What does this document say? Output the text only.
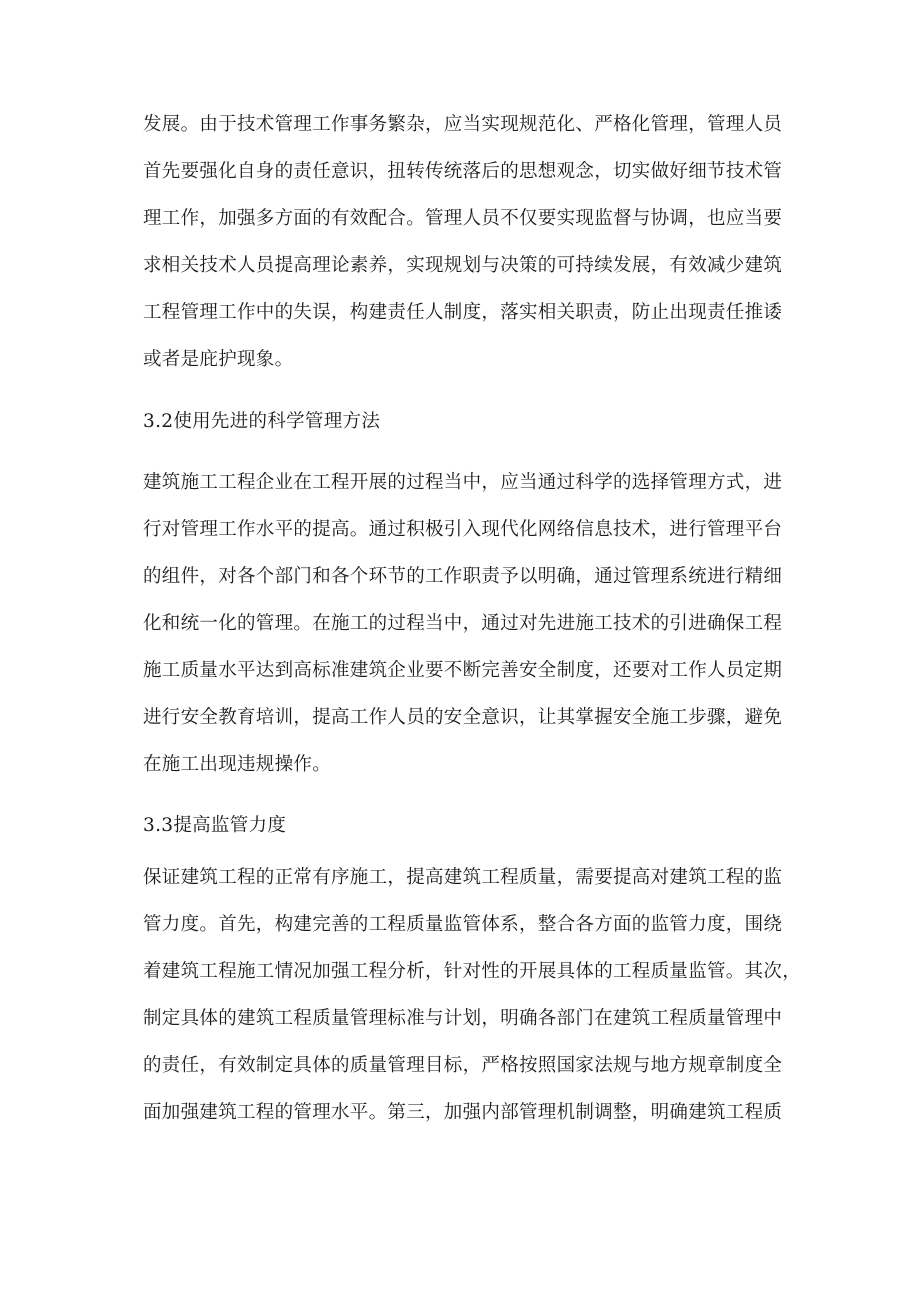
发展。由于技术管理工作事务繁杂，应当实现规范化、严格化管理，管理人员

首先要强化自身的责任意识，扭转传统落后的思想观念，切实做好细节技术管

理工作，加强多方面的有效配合。管理人员不仅要实现监督与协调，也应当要

求相关技术人员提高理论素养，实现规划与决策的可持续发展，有效减少建筑

工程管理工作中的失误，构建责任人制度，落实相关职责，防止出现责任推诿

或者是庇护现象。

3.2使用先进的科学管理方法

建筑施工工程企业在工程开展的过程当中，应当通过科学的选择管理方式，进

行对管理工作水平的提高。通过积极引入现代化网络信息技术，进行管理平台

的组件，对各个部门和各个环节的工作职责予以明确，通过管理系统进行精细

化和统一化的管理。在施工的过程当中，通过对先进施工技术的引进确保工程

施工质量水平达到高标准建筑企业要不断完善安全制度，还要对工作人员定期

进行安全教育培训，提高工作人员的安全意识，让其掌握安全施工步骤，避免

在施工出现违规操作。

3.3提高监管力度

保证建筑工程的正常有序施工，提高建筑工程质量，需要提高对建筑工程的监

管力度。首先，构建完善的工程质量监管体系，整合各方面的监管力度，围绕

着建筑工程施工情况加强工程分析，针对性的开展具体的工程质量监管。其次，

制定具体的建筑工程质量管理标准与计划，明确各部门在建筑工程质量管理中

的责任，有效制定具体的质量管理目标，严格按照国家法规与地方规章制度全

面加强建筑工程的管理水平。第三，加强内部管理机制调整，明确建筑工程质
